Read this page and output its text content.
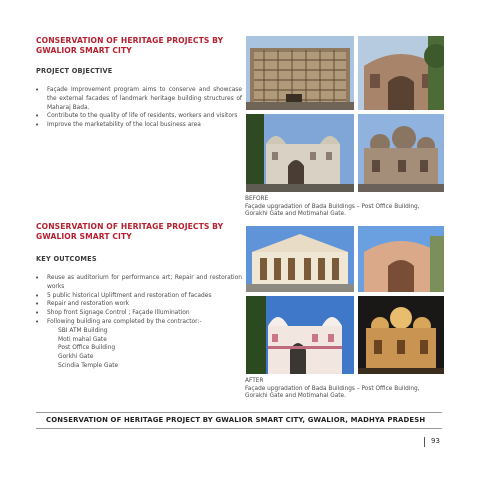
CONSERVATION OF HERITAGE PROJECTS BY
GWALIOR SMART CITY
PROJECT OBJECTIVE
• Façade Improvement program aims to conserve and showcase the external facades of landmark heritage building structures of Maharaj Bada.
• Contribute to the quality of life of residents, workers and visitors
• Improve the marketability of the local business area
CONSERVATION OF HERITAGE PROJECTS BY
GWALIOR SMART CITY
KEY OUTCOMES
• Reuse as auditorium for performance art; Repair and restoration works
• 5 public historical Upliftment and restoration of facades
• Repair and restoration work
• Shop front Signage Control ; Façade Illumination
• Following building are completed by the contractor:-
SBI ATM Building
Moti mahal Gate
Post Office Building
Gorkhi Gate
Scindia Temple Gate
BEFORE
Façade upgradation of Bada Buildings – Post Office Building,
Gorakhi Gate and Motimahal Gate.
AFTER
Façade upgradation of Bada Buildings – Post Office Building,
Gorakhi Gate and Motimahal Gate.
CONSERVATION OF HERITAGE PROJECT BY GWALIOR SMART CITY, GWALIOR, MADHYA PRADESH
93
